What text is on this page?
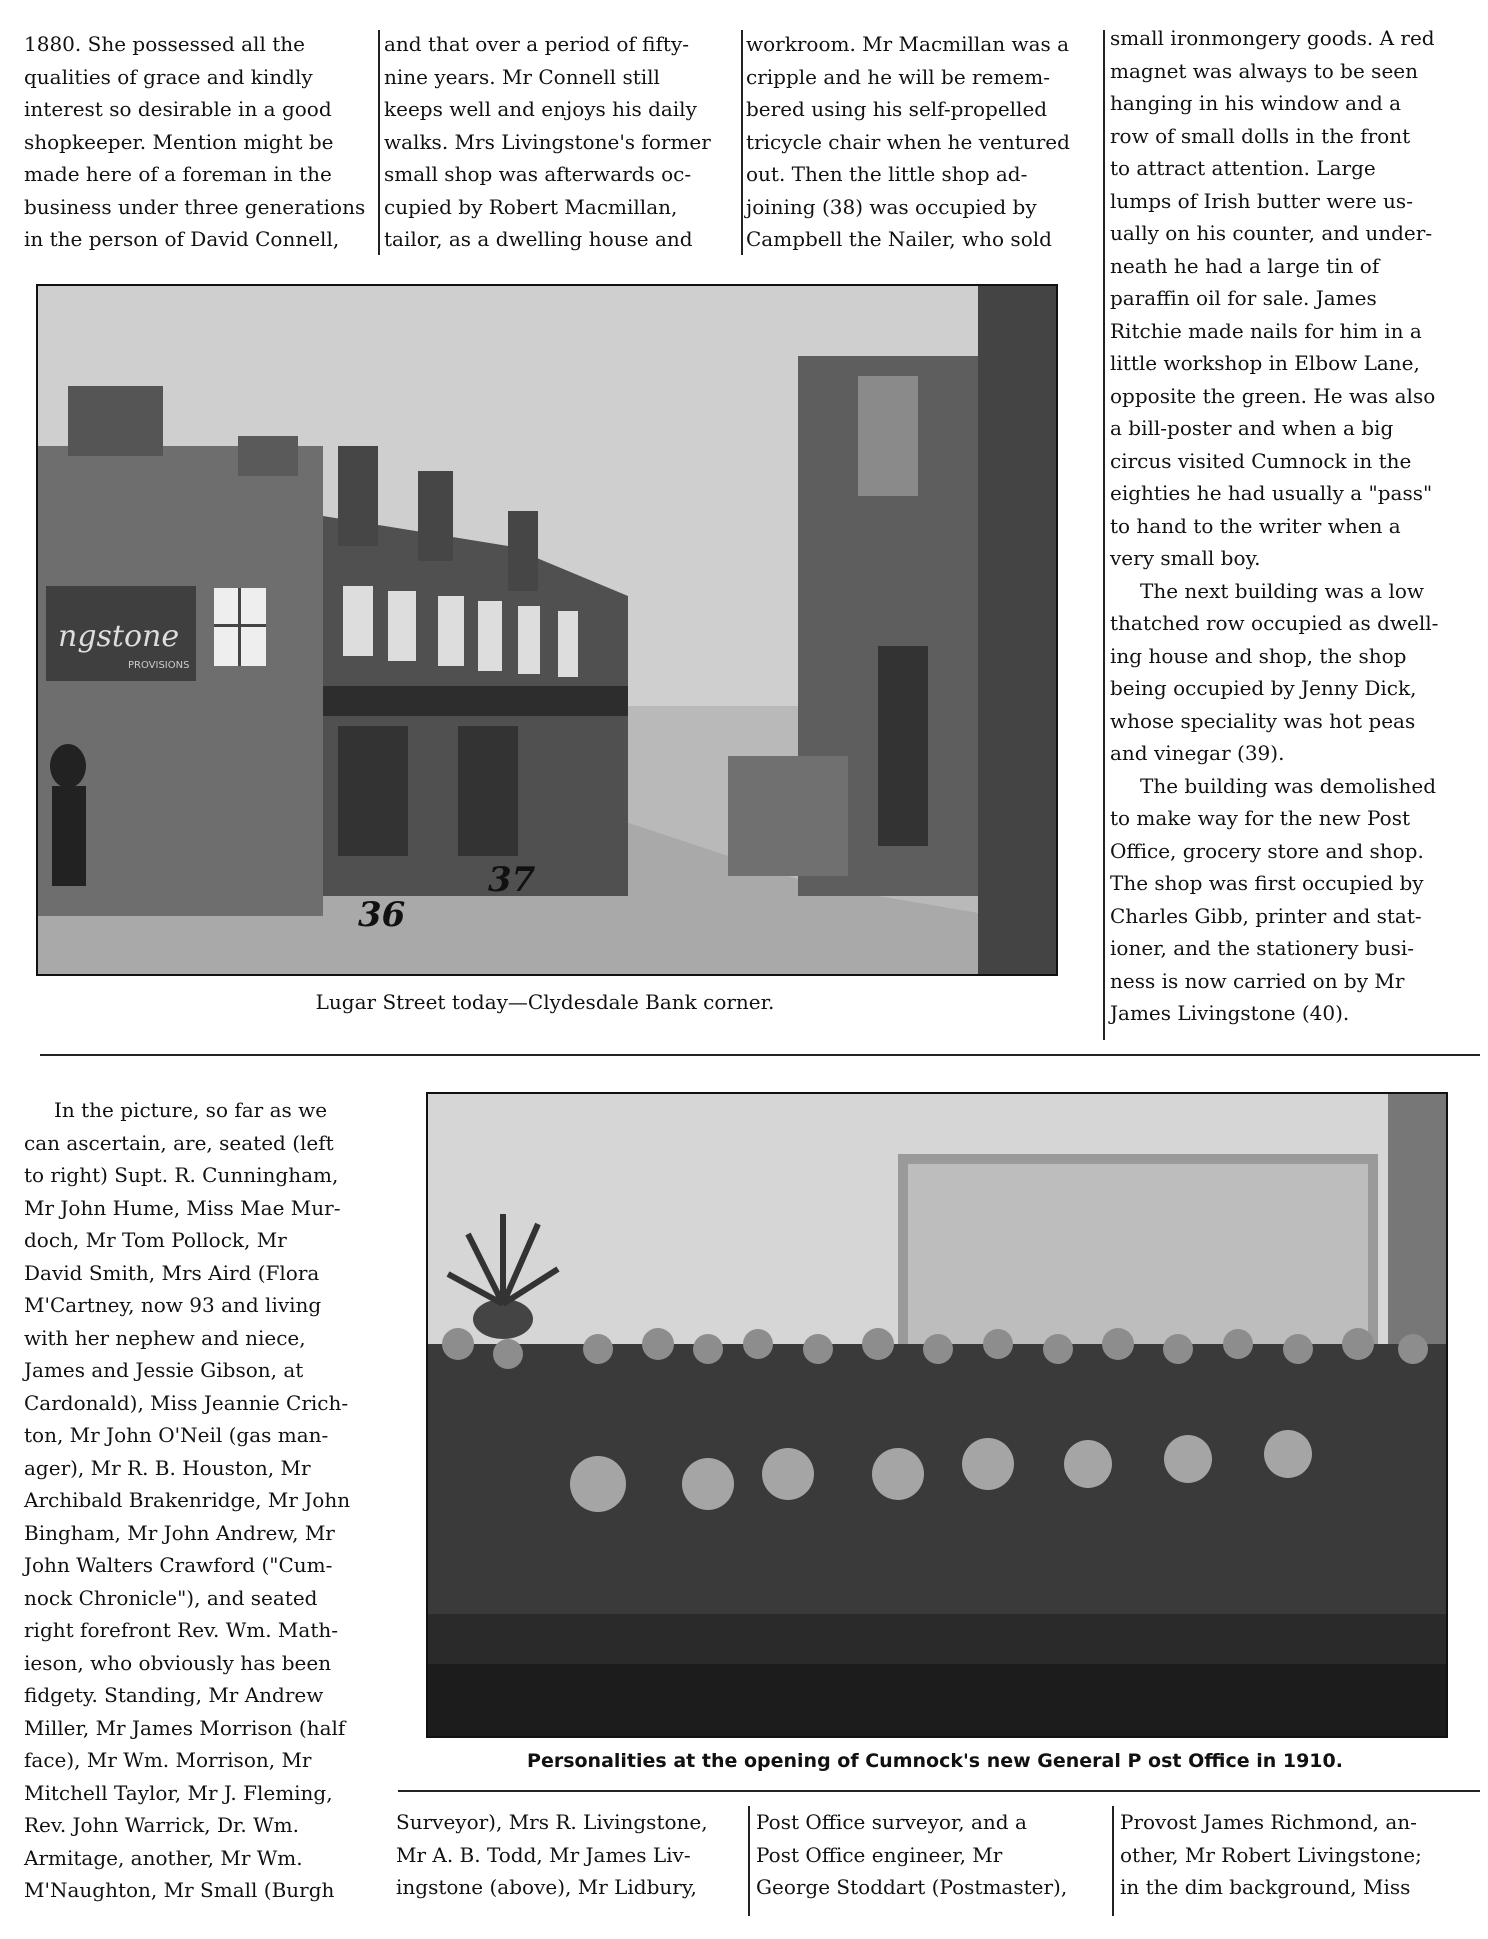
1880. She possessed all the

qualities of grace and kindly

interest so desirable in a good

shopkeeper. Mention might be

made here of a foreman in the

business under three generations

in the person of David Connell,

and that over a period of fifty-

nine years. Mr Connell still

keeps well and enjoys his daily

walks. Mrs Livingstone's former

small shop was afterwards oc-

cupied by Robert Macmillan,

tailor, as a dwelling house and

workroom. Mr Macmillan was a

cripple and he will be remem-

bered using his self-propelled

tricycle chair when he ventured

out. Then the little shop ad-

joining (38) was occupied by

Campbell the Nailer, who sold

small ironmongery goods. A red

magnet was always to be seen

hanging in his window and a

row of small dolls in the front

to attract attention. Large

lumps of Irish butter were us-

ually on his counter, and under-

neath he had a large tin of

paraffin oil for sale. James

Ritchie made nails for him in a

little workshop in Elbow Lane,

opposite the green. He was also

a bill-poster and when a big

circus visited Cumnock in the

eighties he had usually a "pass"

to hand to the writer when a

very small boy.

The next building was a low

thatched row occupied as dwell-

ing house and shop, the shop

being occupied by Jenny Dick,

whose speciality was hot peas

and vinegar (39).

The building was demolished

to make way for the new Post

Office, grocery store and shop.

The shop was first occupied by

Charles Gibb, printer and stat-

ioner, and the stationery busi-

ness is now carried on by Mr

James Livingstone (40).

ngstone
PROVISIONS
36
37
Lugar Street today—Clydesdale Bank corner.

In the picture, so far as we

can ascertain, are, seated (left

to right) Supt. R. Cunningham,

Mr John Hume, Miss Mae Mur-

doch, Mr Tom Pollock, Mr

David Smith, Mrs Aird (Flora

M'Cartney, now 93 and living

with her nephew and niece,

James and Jessie Gibson, at

Cardonald), Miss Jeannie Crich-

ton, Mr John O'Neil (gas man-

ager), Mr R. B. Houston, Mr

Archibald Brakenridge, Mr John

Bingham, Mr John Andrew, Mr

John Walters Crawford ("Cum-

nock Chronicle"), and seated

right forefront Rev. Wm. Math-

ieson, who obviously has been

fidgety. Standing, Mr Andrew

Miller, Mr James Morrison (half

face), Mr Wm. Morrison, Mr

Mitchell Taylor, Mr J. Fleming,

Rev. John Warrick, Dr. Wm.

Armitage, another, Mr Wm.

M'Naughton, Mr Small (Burgh

Personalities at the opening of Cumnock's new General P ost Office in 1910.

Surveyor), Mrs R. Livingstone,

Mr A. B. Todd, Mr James Liv-

ingstone (above), Mr Lidbury,

Post Office surveyor, and a

Post Office engineer, Mr

George Stoddart (Postmaster),

Provost James Richmond, an-

other, Mr Robert Livingstone;

in the dim background, Miss
